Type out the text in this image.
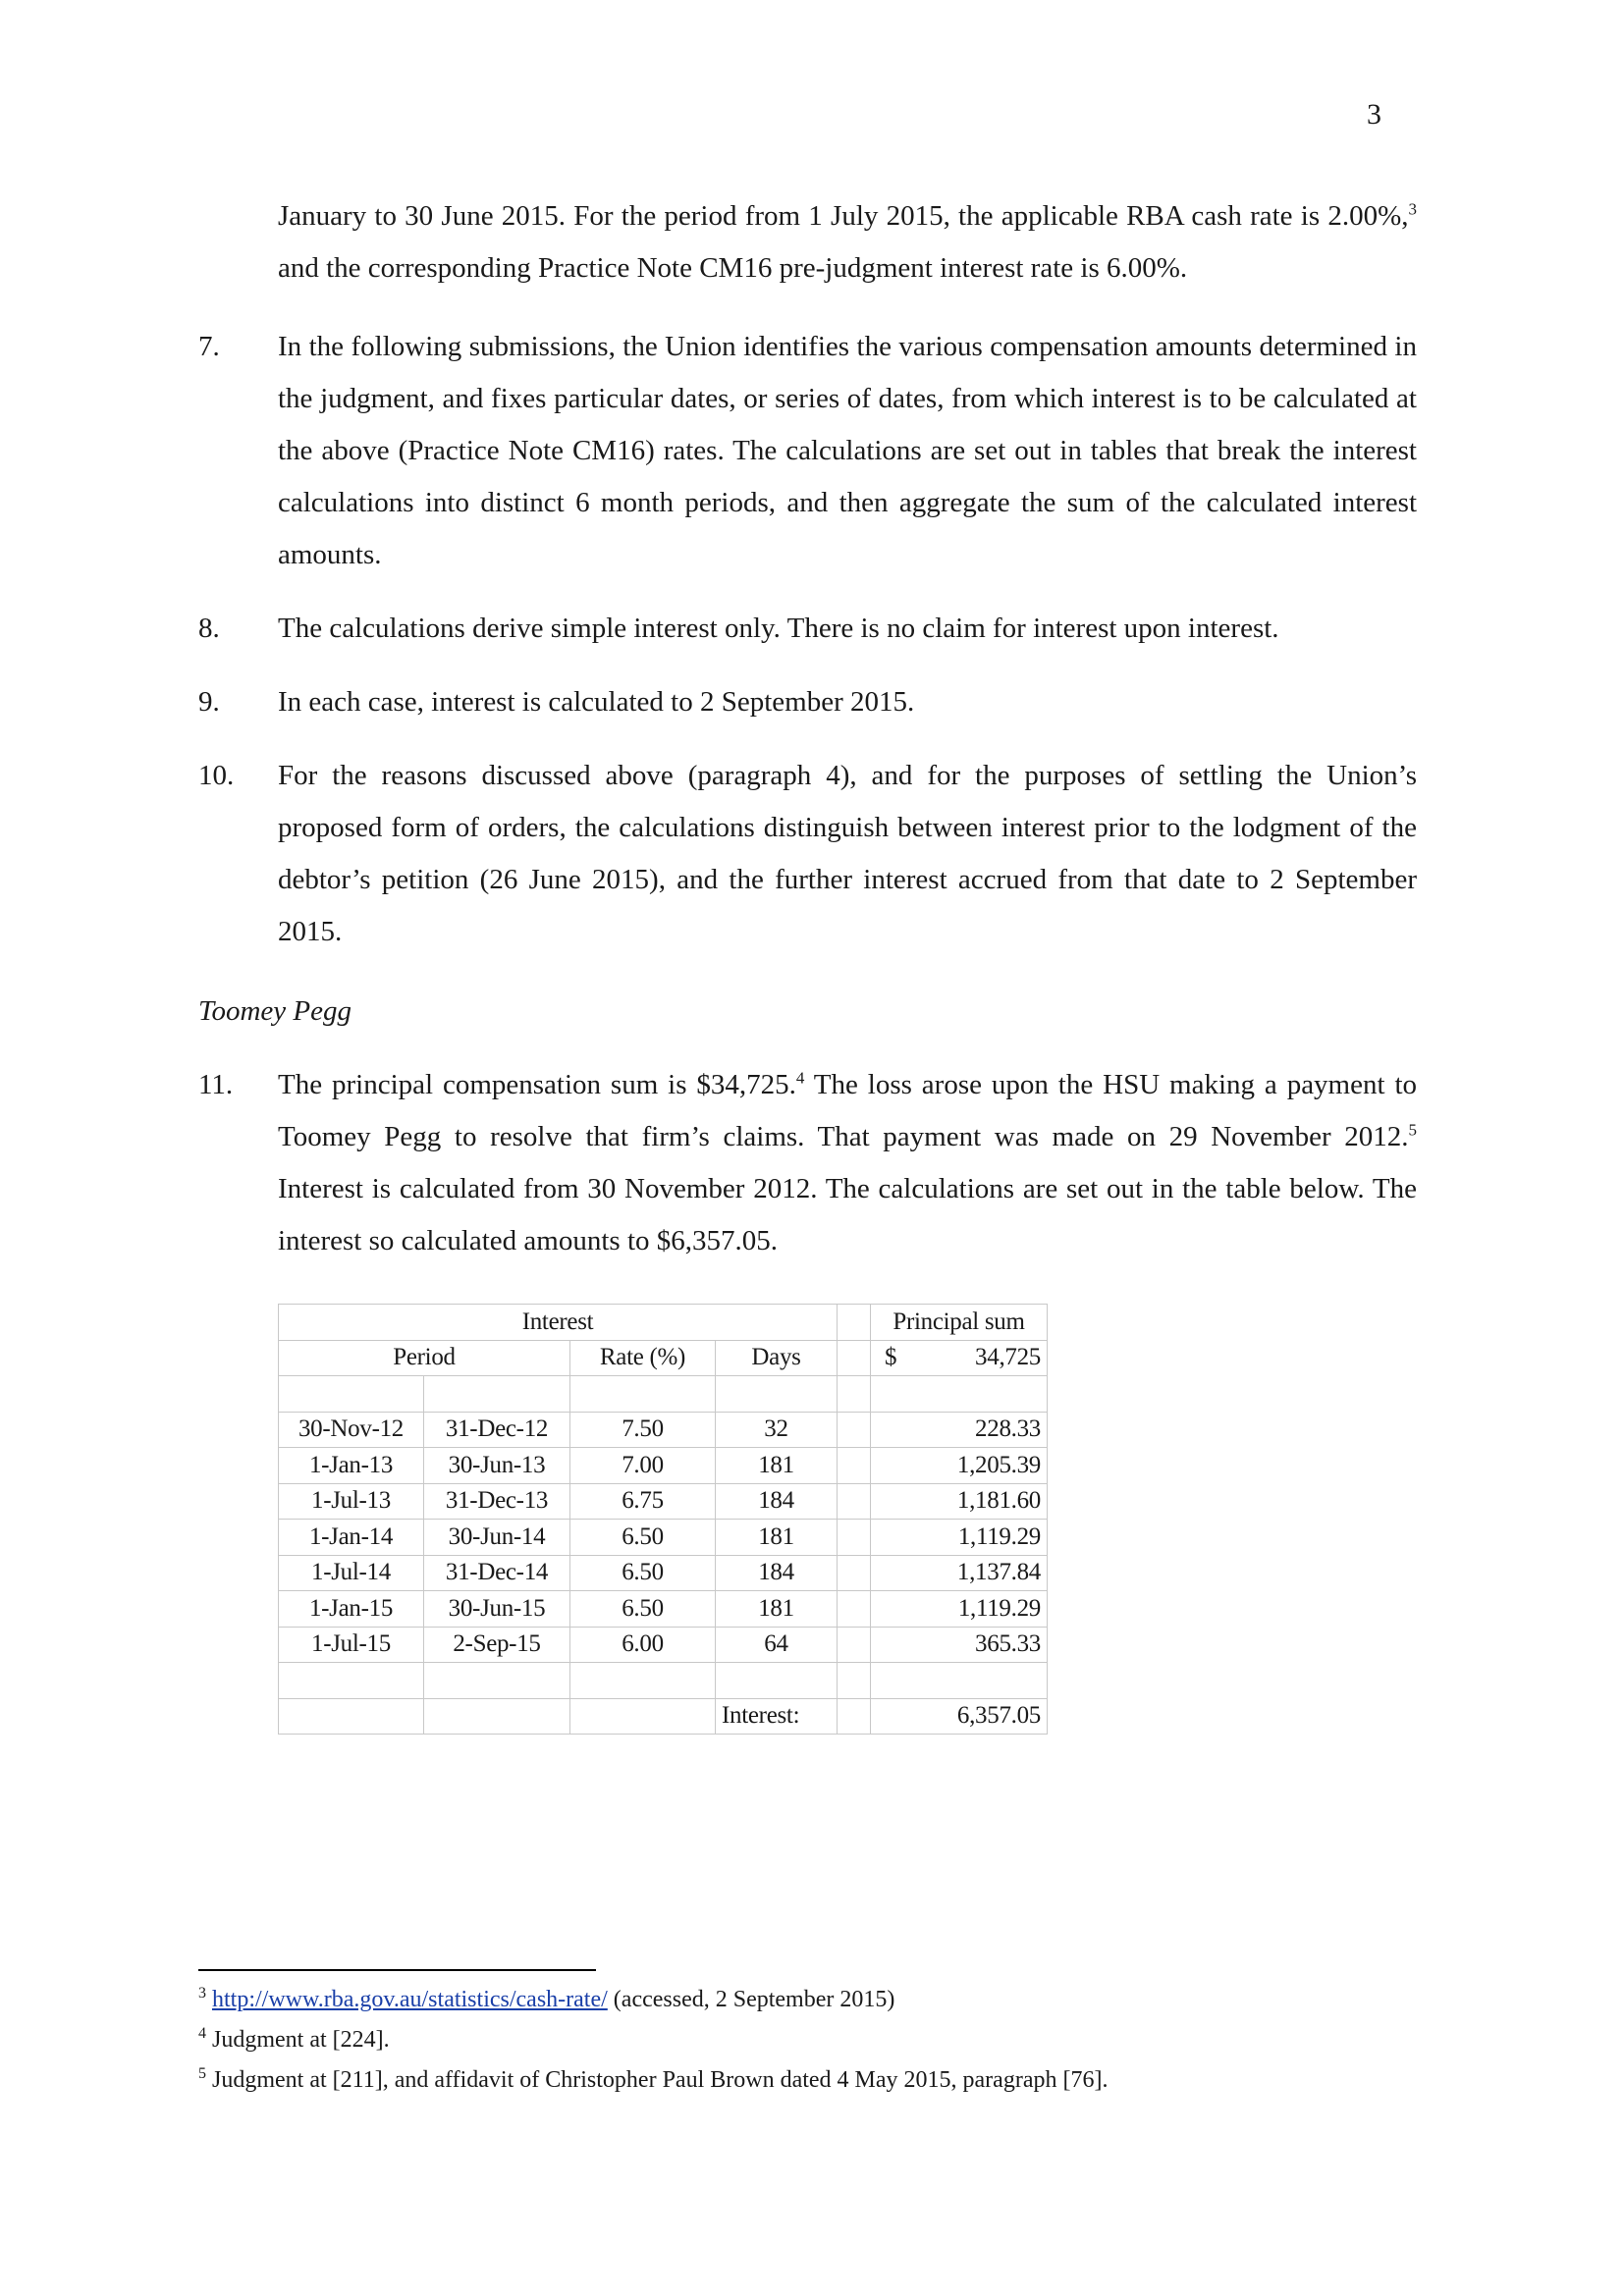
3

January to 30 June 2015. For the period from 1 July 2015, the applicable RBA cash rate is 2.00%,$^3$ and the corresponding Practice Note CM16 pre-judgment interest rate is 6.00%.

7. In the following submissions, the Union identifies the various compensation amounts determined in the judgment, and fixes particular dates, or series of dates, from which interest is to be calculated at the above (Practice Note CM16) rates. The calculations are set out in tables that break the interest calculations into distinct 6 month periods, and then aggregate the sum of the calculated interest amounts.

8. The calculations derive simple interest only. There is no claim for interest upon interest.

9. In each case, interest is calculated to 2 September 2015.

10. For the reasons discussed above (paragraph 4), and for the purposes of settling the Union’s proposed form of orders, the calculations distinguish between interest prior to the lodgment of the debtor’s petition (26 June 2015), and the further interest accrued from that date to 2 September 2015.

Toomey Pegg
11. The principal compensation sum is $34,725.$^4$ The loss arose upon the HSU making a payment to Toomey Pegg to resolve that firm’s claims. That payment was made on 29 November 2012.$^5$ Interest is calculated from 30 November 2012. The calculations are set out in the table below. The interest so calculated amounts to $6,357.05.

Interest					Principal sum
Period		Rate (%)	Days		$ 34,725

30-Nov-12	31-Dec-12	7.50	32		228.33
1-Jan-13	30-Jun-13	7.00	181		1,205.39
1-Jul-13	31-Dec-13	6.75	184		1,181.60
1-Jan-14	30-Jun-14	6.50	181		1,119.29
1-Jul-14	31-Dec-14	6.50	184		1,137.84
1-Jan-15	30-Jun-15	6.50	181		1,119.29
1-Jul-15	2-Sep-15	6.00	64		365.33

			Interest:		6,357.05
$^3$ http://www.rba.gov.au/statistics/cash-rate/ (accessed, 2 September 2015)
$^4$ Judgment at [224].
$^5$ Judgment at [211], and affidavit of Christopher Paul Brown dated 4 May 2015, paragraph [76].
